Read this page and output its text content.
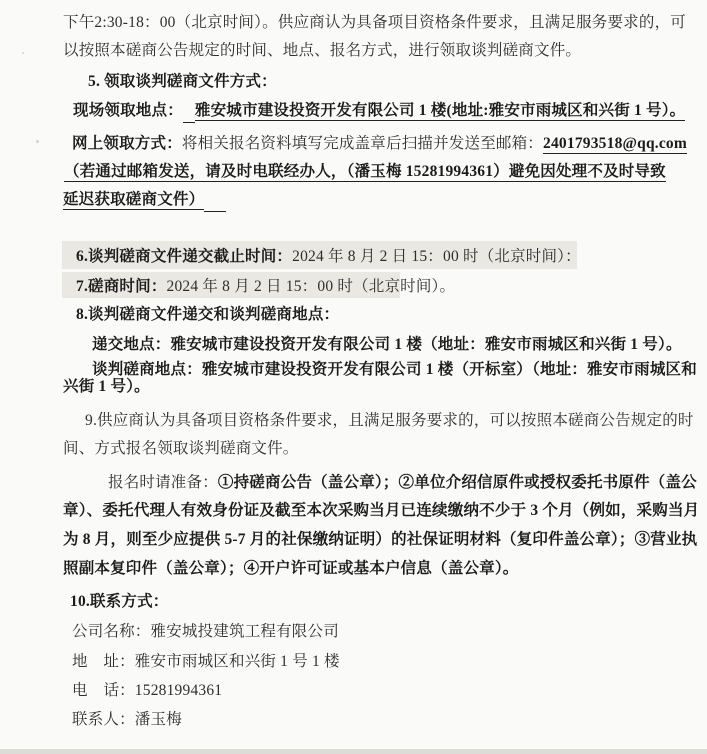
下午2:30-18：00（北京时间）。供应商认为具备项目资格条件要求，且满足服务要求的，可
以按照本磋商公告规定的时间、地点、报名方式，进行领取谈判磋商文件。
5. 领取谈判磋商文件方式：
现场领取地点： 雅安城市建设投资开发有限公司 1 楼(地址:雅安市雨城区和兴街 1 号）。
网上领取方式：将相关报名资料填写完成盖章后扫描并发送至邮箱：2401793518@qq.com
（若通过邮箱发送，请及时电联经办人，（潘玉梅 15281994361）避免因处理不及时导致
延迟获取磋商文件）
6.谈判磋商文件递交截止时间：2024 年 8 月 2 日 15：00 时（北京时间）：
7.磋商时间：2024 年 8 月 2 日 15：00 时（北京时间）。
8.谈判磋商文件递交和谈判磋商地点：
递交地点：雅安城市建设投资开发有限公司 1 楼（地址：雅安市雨城区和兴街 1 号）。
谈判磋商地点：雅安城市建设投资开发有限公司 1 楼（开标室）（地址：雅安市雨城区和
兴街 1 号）。
9.供应商认为具备项目资格条件要求，且满足服务要求的，可以按照本磋商公告规定的时
间、方式报名领取谈判磋商文件。
报名时请准备：①持磋商公告（盖公章）；②单位介绍信原件或授权委托书原件（盖公
章）、委托代理人有效身份证及截至本次采购当月已连续缴纳不少于 3 个月（例如，采购当月
为 8 月，则至少应提供 5-7 月的社保缴纳证明）的社保证明材料（复印件盖公章）；③营业执
照副本复印件（盖公章）；④开户许可证或基本户信息（盖公章）。
10.联系方式：
公司名称：雅安城投建筑工程有限公司
地　址：雅安市雨城区和兴街 1 号 1 楼
电　话：15281994361
联系人：潘玉梅
